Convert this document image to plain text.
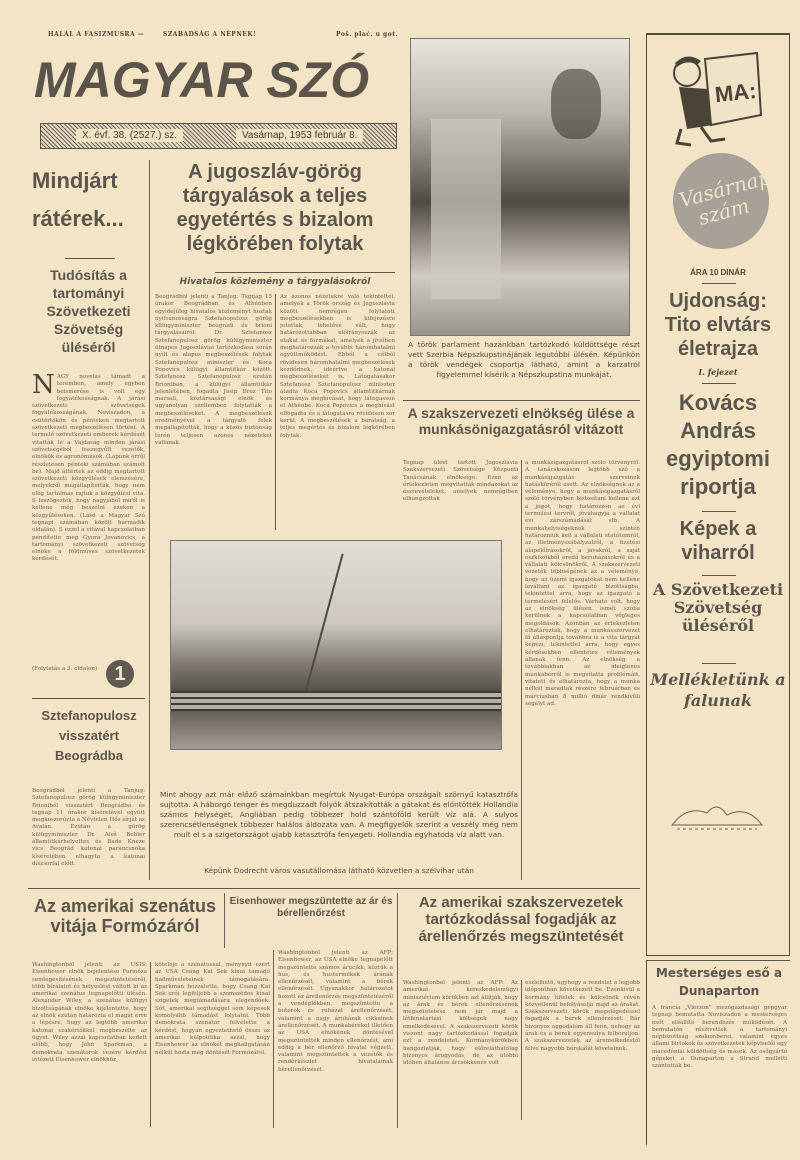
HALÁL A FASIZMUSRA —	SZABADSÁG A NÉPNEK!	Poš. plać. u got.
MAGYAR SZÓ
X. évf. 38. (2527.) sz.	Vasárnap, 1953 február 8.
Mindjárt rátérek...
Tudósítás a tartományi Szövetkezeti Szövetség üléséről
NAGY novelás támadt a teremben, amely egyben beismerése is volt egy fogyatékosságnak. A járási szövetkezeti szövetségek fogyatékosságának. Noviszadon, a csütörtökön és pénteken megtartott szövetkezeti megbeszélésen történt. A termelő szövetkezeti emberek kérdését vitatták le a Vajdaság minden járási szövetségéből összegyűlt vezetők, elnökök és agronómusok. (Lapunk erről részletesen pénteki számában számolt be). Majd áttértek az eddig megtartott szövetkezeti közgyűlések elemzésére, melyekről megállapították, hogy nem elég tartalmas rajtuk a közgyűlési vita. S leszögezték, hogy nagyjából miről is kellene még beszélni ezeken a közgyűléseken. (Lásd a Magyar Szó tegnapi számában közölt harmadik oldalán). S ezzel a vitával kapcsolatban pendítette meg Gyura Jovanovics, a tartományi szövetkezeti szövetség elnöke a földműves szövetkezetek kérdését.
(Folytatás a 3. oldalon) 1
Sztefanopulosz visszatért Beográdba
Beográdból jelenti a Tanjug: Sztefanopulosz görög külügyminiszter Brioniból visszatért Beográdba és tegnap 11 órakor kíséretével együtt megkoszorúzta a Névtelen Hős sírját az Avalán. Ezután a görög külügyminiszter Dr. Aleš Bebler államtitkárhelyettes és Bade Kneze vics Beográd katonai parancsnoka kíséretében elhagyta a katonai díszsorfal előtt.
A jugoszláv-görög tárgyalások a teljes egyetértés s bizalom légkörében folytak
Hivatalos közlemény a tárgyalásokról
Beográdból jelenti a Tanjug: Tegnap 15 órakor Beográdban és Athénben egyidejűleg hivatalos közleményt hoztak nyilvánosságra Sztefanopulosz görög külügyminiszter beográdi és brioni tárgyalásairól: Dr. Sztefanosz Sztefanopulosz görög külügyminiszter ötnapos Jugoszláviai tartózkodása során nyílt és alapos megbeszélések folytak Sztefanopulosz miniszter és Koca Popovics külügyi államtitkár között. Sztefanosz Sztefanopulosz ezután Brioniban, a külügyi államtitkár jelenlétében, fogadta Josip Broz Tito marsall, köztársasági elnök és ugyanolyan szellemben folytatták a megbeszéléseket. A megbeszélések eredményével a tárgyaló felek megállapították, hogy a közös biztonság terén teljesen azonos nézeteket vallanak.
Az azonos nézetekre való tekintettel, amelyek a Török ország és Jugoszlávia között nemrégen folytatott megbeszélésekben is kifejezésre jutottak, lehetővé vált, hogy határozottabban előirányozzák az utakat és formákat, amelyek a jövőben meghatározzák a további háromhatalmi együttműködést. Ebből a célból rövidesen háromhatalmi megbeszélések kezdődnek, ideértve a katonai megbeszéléseket is. Látogatásakor Sztefanosz Sztefanopulosz miniszter átadta Koca Popovics államtitkárnak kormánya meghívását, hogy látogasson el Athénbe. Koca Popovics a meghívást elfogadta és a látogatásra rövidesen sor kerül. A megbeszélések a barátság, a teljes megértés és bizalom légkörében folytak.
A török parlament hazánkban tartózkodó küldöttsége részt vett Szerbia Népszkupstinájának legutóbbi ülésén. Képünkön a török vendégek csoportja látható, amint a karzatról figyelemmel kísérik a Népszkupstina munkáját.
A szakszervezeti elnökség ülése a munkásönigazgatásról vitázott
Tegnap ülést tartott Jugoszlávia Szakszervezeti Szövetsége Központi Tanácsának elnöksége. Ezen az értekezleten megvitatták mindazokat az észrevételeket, amelyek nemrégiben elhangzottak
a munkásigazgatásról szóló törvényről. A tanácskozáson legtöbb szó a munkásigazgatás szerveinek hatásköréről esett. Az elnökségnek az a véleménye, hogy a munkásigazgatásról szóló törvényben biztosítani kellene azt a jogot, hogy határozzon az évi termelési tervről, jóváhagyja a vállalat évi zárszámadását stb. A munkahelyiségeknek szintén határozniuk kell a vállalati statútumról, az illetményszabályzatról, a fizetési alapelőírásokról, a javakról, a saját eszközökből eredő beruházásokról és a vállalati kölcsönökről. A szakszervezeti vezetők többségének az a véleménye, hogy az üzemi igazgatókat nem kellene leváltani az igazgató bizottságba, tekintettel arra, hogy az igazgató a termelésért felelős. Várható volt, hogy az elnökség ülésén ismét szóba kerülnek a kapcsolatban végleges megoldások. Azonban az értekezleten elhatározták, hogy a munkásszervezet fő álláspontja továbbra is a vita tárgyát képezi, tekintettel arra, hogy egyes kérdésekben ellentétes vélemények állanak fenn. Az elnökség a továbbiakban az ideiglenes munkabérről is megvitatta problémáit, vitatott és elhatározta, hogy a munka nélkül maradtak részére februárban és márciusban 8 millió dinár rendkívüli segélyt ad.
Mint ahogy azt már előző számainkban megírtuk Nyugat-Európa országait szörnyű katasztrófa sujtotta. A háborgó tenger és megduzzadt folyók átszakították a gátakat és elöntötték Hollandia számos helységét, Angliában pedig többezer hold szántóföld került víz alá. A sulyos szerencsétlenségnek többezer halálos áldozata van. A megfigyelők szerint a veszély még nem mult el s a szigetországot ujabb katasztrófa fenyegeti. Hollandia egyhatoda víz alatt van.
Képünk Dodrecht város vasutállomása látható közvetlen a szélvihar után
Az amerikai szenátus vitája Formózáról
Washingtonból jelenti az USIS: Eisenhower elnök bejelentése Formóza semlegesítésének megszüntetéséről, több bírálatot és helyeslést váltott ki az amerikai szenátus tegnapelőtti ülésén. Alexander Wiley, a szenátus külügyi bizottságának elnöke kijelentette, hogy az elnök ezután határozta el magát erre a lépésre, hogy az legtöbb amerikai katonai szakértőkkel megbeszélte az ügyet. Wiley azzal kapcsolatban kedett előbb, hogy John Sparkman, a demokrata szenátorok vezére kérdést intézett Eisenhower elnökhöz,
kötelője a szenátussal, menynyit ezért az USA Csang Kai Sek kínai támadó hadműveleteinek támogatására. Sparkman hozzátette, hogy Csang Kai Sek erői legfeljebb a szomszédos kínai szigetek megtámadására elegendőek. Sőt, amerikai segítséggel sem képesek komolyabb támadást folytatni. Több demokrata szenátor felvetette a kérdést, hogyan egyeztethető össze az amerikai külpolitika azzal, hogy Eisenhower az elnökét meghallgatásán nélkül hozta meg döntését Formózáról.
Eisenhower megszüntette az ár és bérellenőrzést
Washingtonból jelenti az AFP: Eisenhower, az USA elnöke tegnapelőtt megszüntette számos árucikk, köztük a hus, és hustermékek árának ellenőrzését, valamint a bérek ellenőrzését. Ugyanakkor határozatot hozott az árellenőrzés megszüntetéséről a vendéglőkben, megszüntette a butorok és ruházat árellenőrzését, valamint a nagy áruházak cikkeinek árellenőrzését. A munkabéreket illetően az USA elnökének döntésével megszüntették minden ellenőrzést, ami eddig a bér ellenőrző hivatal végzett, valamint megszüntették a vezetők és rendőrkészlet hivatalainak bérellenőrzését.
Az amerikai szakszervezetek tartózkodással fogadják az árellenőrzés megszüntetését
Washingtonból jelenti az AFP: Az amerikai kereskedelemügyi minisztérium körökben azt állítják, hogy az árak és bérek ellenőrzésének megszüntetése nem jár majd a létfenntartási költségek nagy emelkedésével. A szakszervezeti körök viszont nagy tartózkodással fogadják ezt a rendeletet. Kormánykörökben hangoztatják, hogy előreláthatólag bizonyos árugyodás, de az utóbbi időben általános árcsökkenés volt
észlelhető, úgyhogy a rendelet a legjobb időpontban következett be. Ezenkívül a kormány hitelek és kölcsönök révén közvetlenül befolyásolja majd az árakat. Szakszervezeti körök megelégedéssel fogadják a bérek ellenőrzését. Bár bizonyos aggodalom áll fenn, nehogy az árak és a bérek egyensulya felboruljon. A szakszervezetek az áremelkedéstől félve nagyobb bérskálát követelnek.
MA:
Vasárnapi szám
ÁRA 10 DINÁR
Ujdonság: Tito elvtárs életrajza
I. fejezet
Kovács András egyiptomi riportja
Képek a viharról
A Szövetkezeti Szövetség üléséről
Mellékletünk a falunak
Mesterséges eső a Dunaparton
A francia „Vierzon” mezőgazdasági gépgyár tegnap bemutatta Noviszadon a mesterséges esőt előállító berendezés működését. A bemutatón résztvettek a tartományi népbizottság szakemberei, valamint egyes állami birtokok és szövetkezetek képviselői egy macedóniai küldöttség és mások. Az esőgyártó gépeket a Dunaparton a Strand melletti szántották be.
